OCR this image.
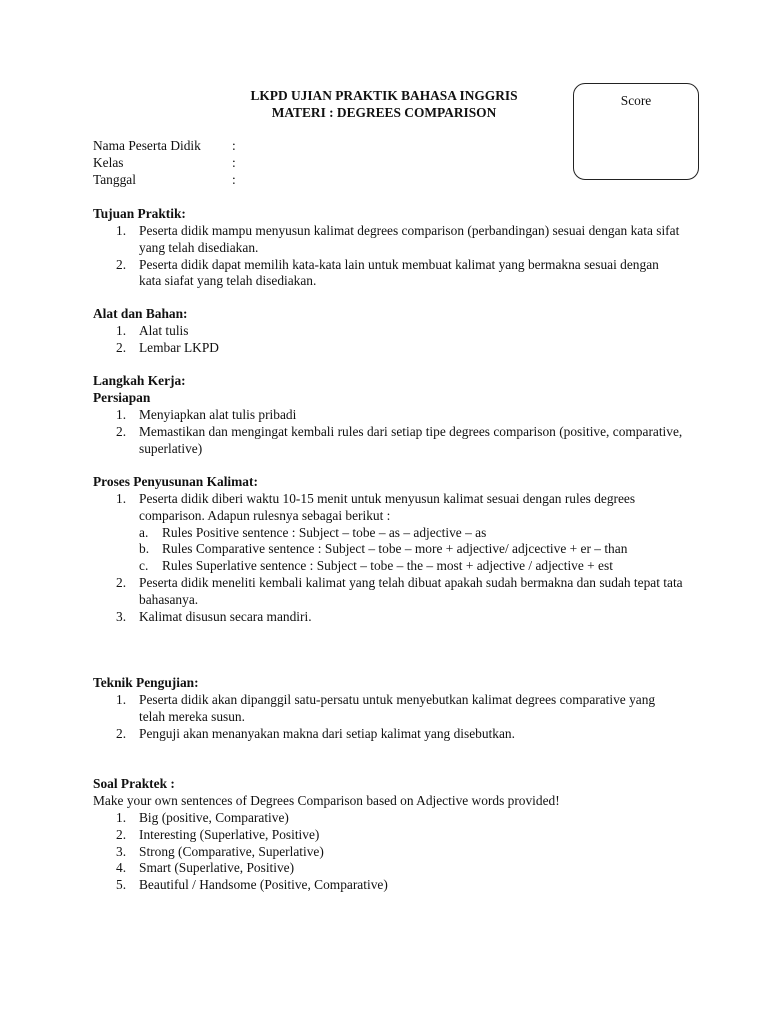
LKPD UJIAN PRAKTIK BAHASA INGGRIS
MATERI : DEGREES COMPARISON
Score
Nama Peserta Didik :
Kelas	:
Tanggal	:
Tujuan Praktik:
1. Peserta didik mampu menyusun kalimat degrees comparison (perbandingan) sesuai dengan kata sifat yang telah disediakan.
2. Peserta didik dapat memilih kata-kata lain untuk membuat kalimat yang bermakna sesuai dengan kata siafat yang telah disediakan.
Alat dan Bahan:
1. Alat tulis
2. Lembar LKPD
Langkah Kerja:
Persiapan
1. Menyiapkan alat tulis pribadi
2. Memastikan dan mengingat kembali rules dari setiap tipe degrees comparison (positive, comparative, superlative)
Proses Penyusunan Kalimat:
1. Peserta didik diberi waktu 10-15 menit untuk menyusun kalimat sesuai dengan rules degrees comparison. Adapun rulesnya sebagai berikut :
a. Rules Positive sentence : Subject – tobe – as – adjective – as
b. Rules Comparative sentence : Subject – tobe – more + adjective/ adjcective + er – than
c. Rules Superlative sentence : Subject – tobe – the – most + adjective / adjective + est
2. Peserta didik meneliti kembali kalimat yang telah dibuat apakah sudah bermakna dan sudah tepat tata bahasanya.
3. Kalimat disusun secara mandiri.
Teknik Pengujian:
1. Peserta didik akan dipanggil satu-persatu untuk menyebutkan kalimat degrees comparative yang telah mereka susun.
2. Penguji akan menanyakan makna dari setiap kalimat yang disebutkan.
Soal Praktek :
Make your own sentences of Degrees Comparison based on Adjective words provided!
1. Big (positive, Comparative)
2. Interesting (Superlative, Positive)
3. Strong (Comparative, Superlative)
4. Smart (Superlative, Positive)
5. Beautiful / Handsome (Positive, Comparative)
